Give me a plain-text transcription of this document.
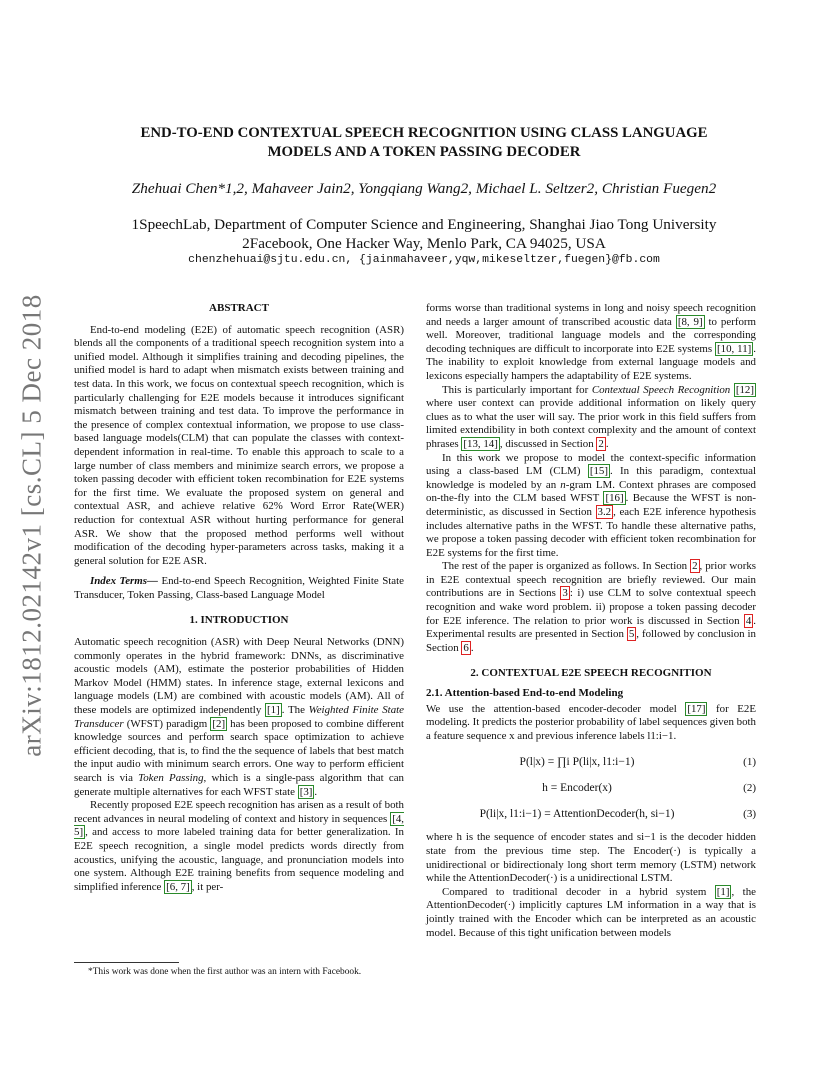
arXiv:1812.02142v1 [cs.CL] 5 Dec 2018
END-TO-END CONTEXTUAL SPEECH RECOGNITION USING CLASS LANGUAGE
MODELS AND A TOKEN PASSING DECODER
Zhehuai Chen*1,2, Mahaveer Jain2, Yongqiang Wang2, Michael L. Seltzer2, Christian Fuegen2
1SpeechLab, Department of Computer Science and Engineering, Shanghai Jiao Tong University
2Facebook, One Hacker Way, Menlo Park, CA 94025, USA
chenzhehuai@sjtu.edu.cn, {jainmahaveer,yqw,mikeseltzer,fuegen}@fb.com

ABSTRACT

End-to-end modeling (E2E) of automatic speech recognition (ASR) blends all the components of a traditional speech recognition system into a unified model. Although it simplifies training and decoding pipelines, the unified model is hard to adapt when mismatch exists between training and test data. In this work, we focus on contextual speech recognition, which is particularly challenging for E2E models because it introduces significant mismatch between training and test data. To improve the performance in the presence of complex contextual information, we propose to use class-based language models(CLM) that can populate the classes with context-dependent information in real-time. To enable this approach to scale to a large number of class members and minimize search errors, we propose a token passing decoder with efficient token recombination for E2E systems for the first time. We evaluate the proposed system on general and contextual ASR, and achieve relative 62% Word Error Rate(WER) reduction for contextual ASR without hurting performance for general ASR. We show that the proposed method performs well without modification of the decoding hyper-parameters across tasks, making it a general solution for E2E ASR.

Index Terms— End-to-end Speech Recognition, Weighted Finite State Transducer, Token Passing, Class-based Language Model

1. INTRODUCTION

Automatic speech recognition (ASR) with Deep Neural Networks (DNN) commonly operates in the hybrid framework: DNNs, as discriminative acoustic models (AM), estimate the posterior probabilities of Hidden Markov Model (HMM) states. In inference stage, external lexicons and language models (LM) are combined with acoustic models (AM). All of these models are optimized independently [1] . The Weighted Finite State Transducer (WFST) paradigm [2] has been proposed to combine different knowledge sources and perform search space optimization to achieve efficient decoding, that is, to find the the sequence of labels that best match the input audio with minimum search errors. One way to perform efficient search is via Token Passing, which is a single-pass algorithm that can generate multiple alternatives for each WFST state [3] .

Recently proposed E2E speech recognition has arisen as a result of both recent advances in neural modeling of context and history in sequences [4, 5] , and access to more labeled training data for better generalization. In E2E speech recognition, a single model predicts words directly from acoustics, unifying the acoustic, language, and pronunciation models into one system. Although E2E training benefits from sequence modeling and simplified inference [6, 7] , it per-

forms worse than traditional systems in long and noisy speech recognition and needs a larger amount of transcribed acoustic data [8, 9] to perform well. Moreover, traditional language models and the corresponding decoding techniques are difficult to incorporate into E2E systems [10, 11] . The inability to exploit knowledge from external language models and lexicons especially hampers the adaptability of E2E systems.

This is particularly important for Contextual Speech Recognition [12] where user context can provide additional information on likely query clues as to what the user will say. The prior work in this field suffers from limited extendibility in both context complexity and the amount of context phrases [13, 14] , discussed in Section 2 .

In this work we propose to model the context-specific information using a class-based LM (CLM) [15] . In this paradigm, contextual knowledge is modeled by an n-gram LM. Context phrases are composed on-the-fly into the CLM based WFST [16] . Because the WFST is non-deterministic, as discussed in Section 3.2 , each E2E inference hypothesis includes alternative paths in the WFST. To handle these alternative paths, we propose a token passing decoder with efficient token recombination for E2E systems for the first time.

The rest of the paper is organized as follows. In Section 2 , prior works in E2E contextual speech recognition are briefly reviewed. Our main contributions are in Sections 3 : i) use CLM to solve contextual speech recognition and wake word problem. ii) propose a token passing decoder for E2E inference. The relation to prior work is discussed in Section 4 . Experimental results are presented in Section 5 , followed by conclusion in Section 6 .

2. CONTEXTUAL E2E SPEECH RECOGNITION

2.1. Attention-based End-to-end Modeling

We use the attention-based encoder-decoder model [17] for E2E modeling. It predicts the posterior probability of label sequences given both a feature sequence x and previous inference labels l1:i−1.

P(l|x) = ∏i P(li|x, l1:i−1)	(1)
h = Encoder(x)	(2)
P(li|x, l1:i−1) = AttentionDecoder(h, si−1)	(3)

where h is the sequence of encoder states and si−1 is the decoder hidden state from the previous time step. The Encoder(·) is typically a unidirectional or bidirectionaly long short term memory (LSTM) network while the AttentionDecoder(·) is a unidirectional LSTM.

Compared to traditional decoder in a hybrid system [1] , the AttentionDecoder(·) implicitly captures LM information in a way that is jointly trained with the Encoder which can be interpreted as an acoustic model. Because of this tight unification between models

*This work was done when the first author was an intern with Facebook.
